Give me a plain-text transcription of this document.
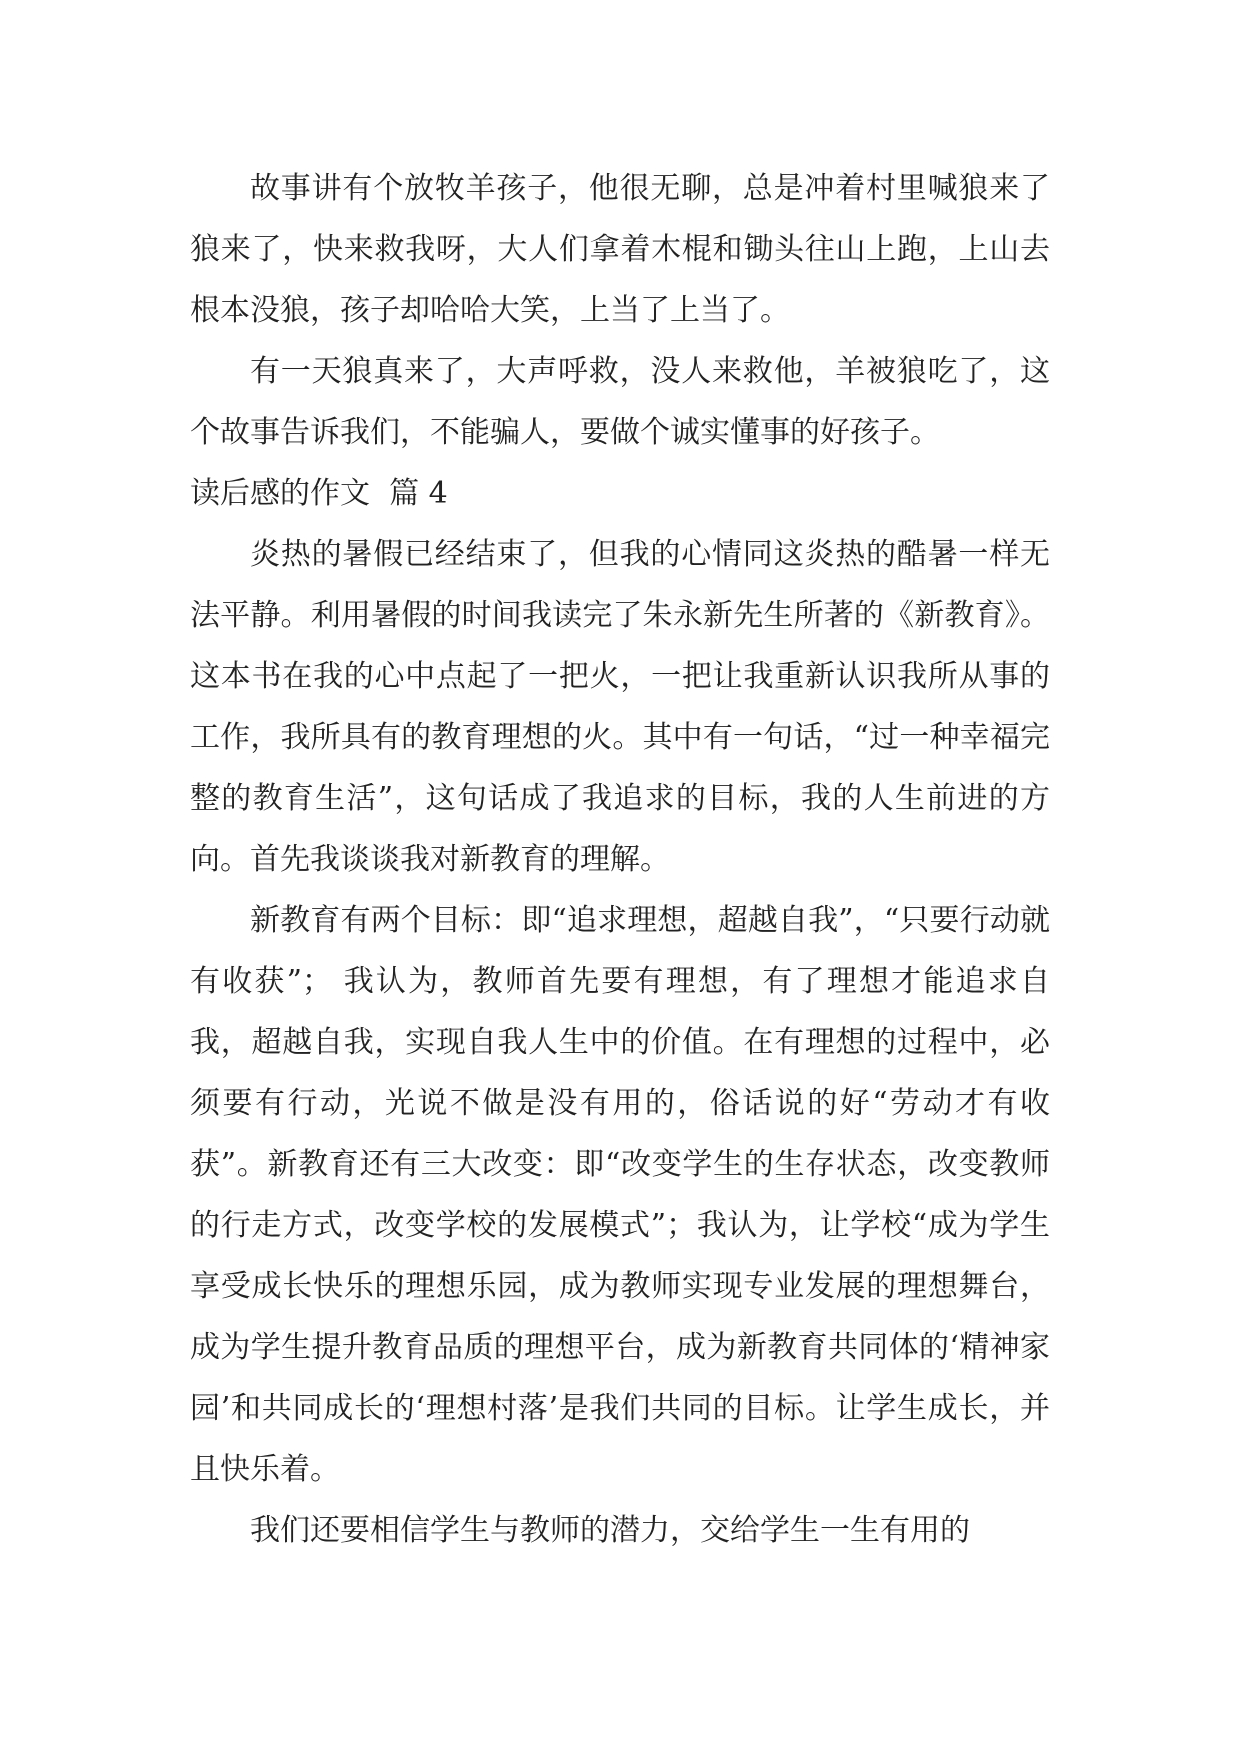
故事讲有个放牧羊孩子，他很无聊，总是冲着村里喊狼来了狼来了，快来救我呀，大人们拿着木棍和锄头往山上跑，上山去根本没狼，孩子却哈哈大笑，上当了上当了。

有一天狼真来了，大声呼救，没人来救他，羊被狼吃了，这个故事告诉我们，不能骗人，要做个诚实懂事的好孩子。

读后感的作文  篇 4

炎热的暑假已经结束了，但我的心情同这炎热的酷暑一样无法平静。利用暑假的时间我读完了朱永新先生所著的《新教育》。这本书在我的心中点起了一把火，一把让我重新认识我所从事的工作，我所具有的教育理想的火。其中有一句话，“过一种幸福完整的教育生活”，这句话成了我追求的目标，我的人生前进的方向。首先我谈谈我对新教育的理解。

新教育有两个目标：即“追求理想，超越自我”，“只要行动就有收获”； 我认为，教师首先要有理想，有了理想才能追求自我，超越自我，实现自我人生中的价值。在有理想的过程中，必须要有行动，光说不做是没有用的，俗话说的好“劳动才有收获”。新教育还有三大改变：即“改变学生的生存状态，改变教师的行走方式，改变学校的发展模式”；我认为，让学校“成为学生享受成长快乐的理想乐园，成为教师实现专业发展的理想舞台，成为学生提升教育品质的理想平台，成为新教育共同体的‘精神家园’和共同成长的‘理想村落’是我们共同的目标。让学生成长，并且快乐着。

我们还要相信学生与教师的潜力，交给学生一生有用的
